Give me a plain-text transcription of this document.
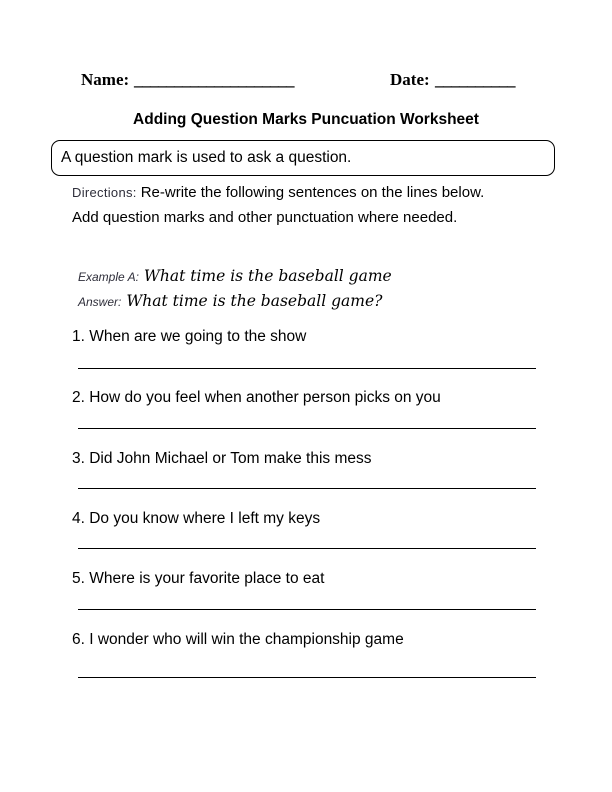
Name: ____________________	Date: __________
Adding Question Marks Puncuation Worksheet
A question mark is used to ask a question.
Directions: Re-write the following sentences on the lines below. Add question marks and other punctuation where needed.
Example A: What time is the baseball game
Answer: What time is the baseball game?
1. When are we going to the show
2. How do you feel when another person picks on you
3. Did John Michael or Tom make this mess
4. Do you know where I left my keys
5. Where is your favorite place to eat
6. I wonder who will win the championship game
